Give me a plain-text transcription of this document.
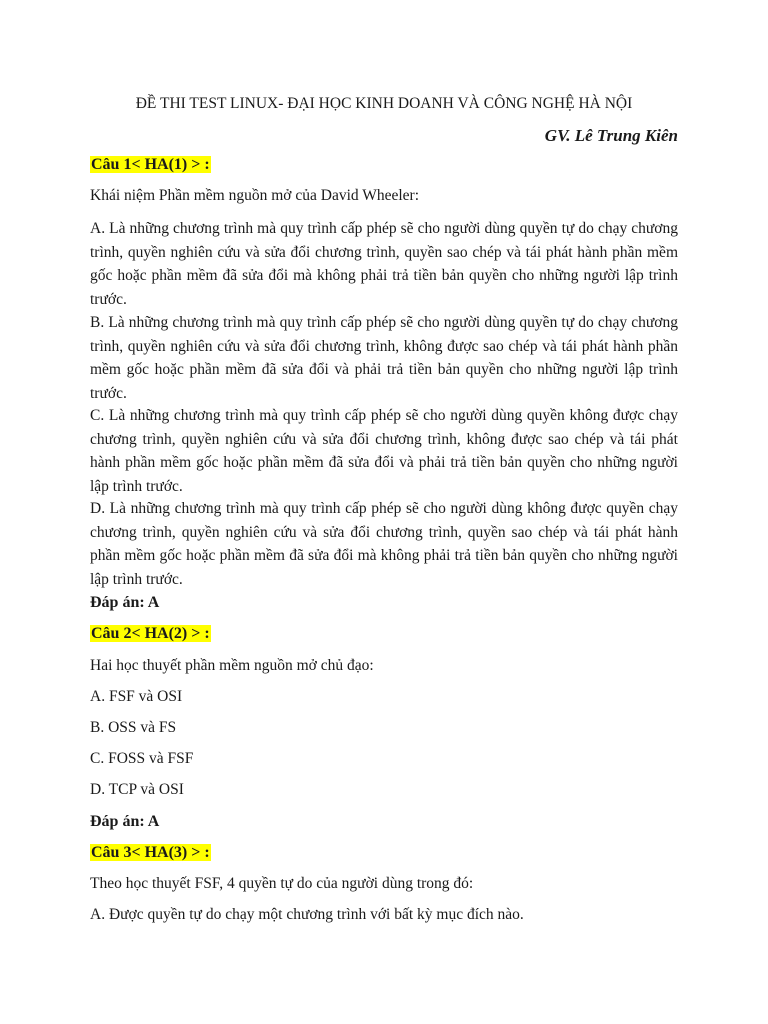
ĐỀ THI TEST LINUX- ĐẠI HỌC KINH DOANH VÀ CÔNG NGHỆ HÀ NỘI
GV. Lê Trung Kiên
Câu 1< HA(1) > :
Khái niệm Phần mềm nguồn mở của David Wheeler:

A. Là những chương trình mà quy trình cấp phép sẽ cho người dùng quyền tự do chạy chương trình, quyền nghiên cứu và sửa đổi chương trình, quyền sao chép và tái phát hành phần mềm gốc hoặc phần mềm đã sửa đổi mà không phải trả tiền bản quyền cho những người lập trình trước.

B. Là những chương trình mà quy trình cấp phép sẽ cho người dùng quyền tự do chạy chương trình, quyền nghiên cứu và sửa đổi chương trình, không được sao chép và tái phát hành phần mềm gốc hoặc phần mềm đã sửa đổi và phải trả tiền bản quyền cho những người lập trình trước.

C. Là những chương trình mà quy trình cấp phép sẽ cho người dùng quyền không được chạy chương trình, quyền nghiên cứu và sửa đổi chương trình, không được sao chép và tái phát hành phần mềm gốc hoặc phần mềm đã sửa đổi và phải trả tiền bản quyền cho những người lập trình trước.

D. Là những chương trình mà quy trình cấp phép sẽ cho người dùng không được quyền chạy chương trình, quyền nghiên cứu và sửa đổi chương trình, quyền sao chép và tái phát hành phần mềm gốc hoặc phần mềm đã sửa đổi mà không phải trả tiền bản quyền cho những người lập trình trước.

Đáp án: A
Câu 2< HA(2) > :
Hai học thuyết phần mềm nguồn mở chủ đạo:
A. FSF và OSI
B. OSS và FS
C. FOSS và FSF
D. TCP và OSI
Đáp án: A
Câu 3< HA(3) > :
Theo học thuyết FSF, 4 quyền tự do của người dùng trong đó:
A. Được quyền tự do chạy một chương trình với bất kỳ mục đích nào.
